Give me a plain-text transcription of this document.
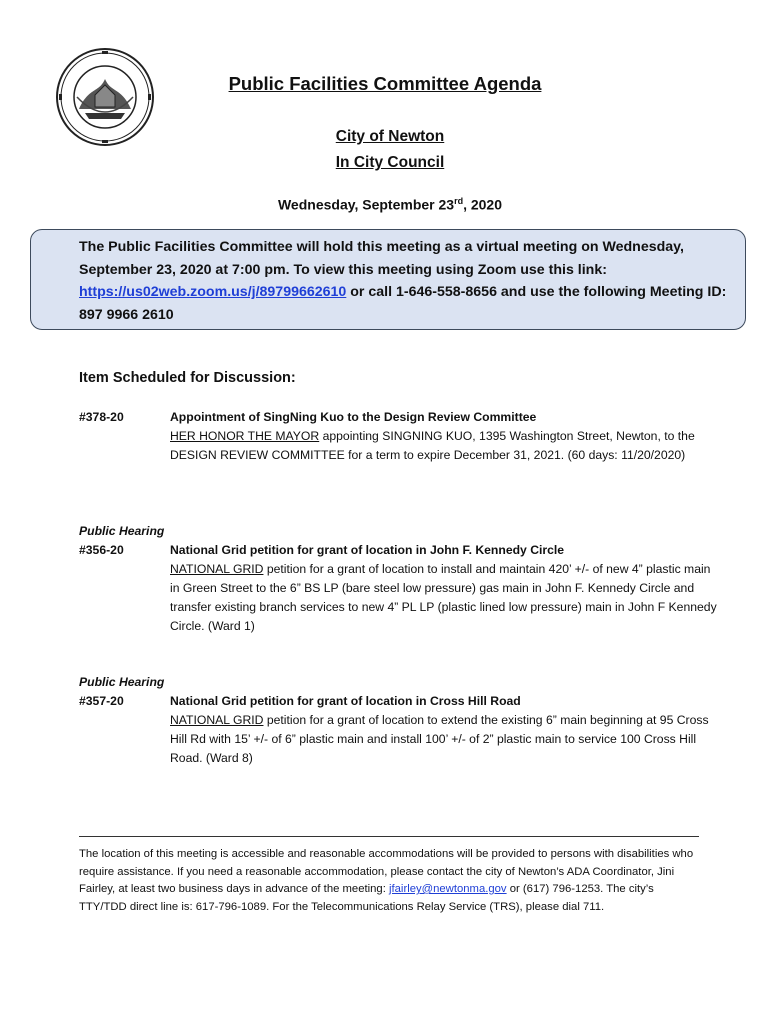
Public Facilities Committee Agenda
City of Newton
In City Council
Wednesday, September 23rd, 2020
The Public Facilities Committee will hold this meeting as a virtual meeting on Wednesday, September 23, 2020 at 7:00 pm. To view this meeting using Zoom use this link: https://us02web.zoom.us/j/89799662610 or call 1-646-558-8656 and use the following Meeting ID: 897 9966 2610
Item Scheduled for Discussion:
#378-20	Appointment of SingNing Kuo to the Design Review Committee
HER HONOR THE MAYOR appointing SINGNING KUO, 1395 Washington Street, Newton, to the DESIGN REVIEW COMMITTEE for a term to expire December 31, 2021. (60 days: 11/20/2020)
Public Hearing
#356-20	National Grid petition for grant of location in John F. Kennedy Circle
NATIONAL GRID petition for a grant of location to install and maintain 420’ +/- of new 4” plastic main in Green Street to the 6” BS LP (bare steel low pressure) gas main in John F. Kennedy Circle and transfer existing branch services to new 4” PL LP (plastic lined low pressure) main in John F Kennedy Circle. (Ward 1)
Public Hearing
#357-20	National Grid petition for grant of location in Cross Hill Road
NATIONAL GRID petition for a grant of location to extend the existing 6” main beginning at 95 Cross Hill Rd with 15’ +/- of 6” plastic main and install 100’ +/- of 2” plastic main to service 100 Cross Hill Road. (Ward 8)
The location of this meeting is accessible and reasonable accommodations will be provided to persons with disabilities who require assistance. If you need a reasonable accommodation, please contact the city of Newton’s ADA Coordinator, Jini Fairley, at least two business days in advance of the meeting: jfairley@newtonma.gov or (617) 796-1253. The city’s TTY/TDD direct line is: 617-796-1089. For the Telecommunications Relay Service (TRS), please dial 711.
